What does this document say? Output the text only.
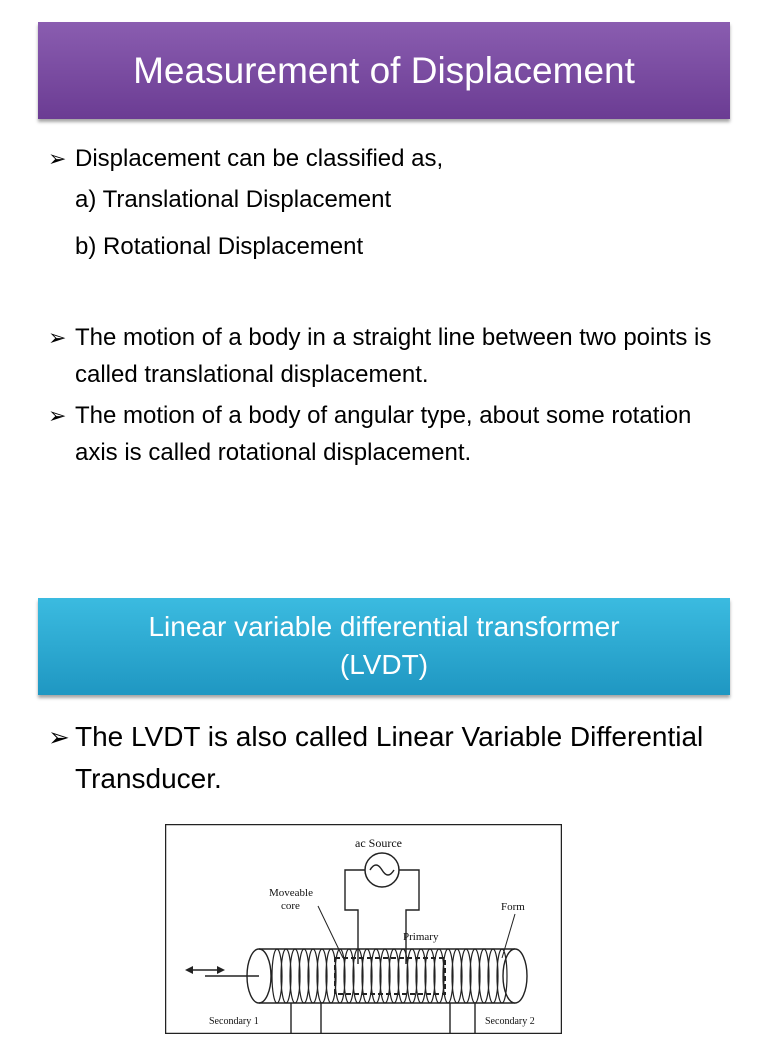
Measurement of Displacement
➢ Displacement can be classified as,
a) Translational Displacement
b) Rotational Displacement
➢ The motion of a body in a straight line between two points is called translational displacement.
➢ The motion of a body of angular type, about some rotation axis is called rotational displacement.
Linear variable differential transformer
(LVDT)
➢ The LVDT is also called Linear Variable Differential Transducer.
ac Source
Moveable
core
Primary
Form
Secondary 1	Secondary 2
